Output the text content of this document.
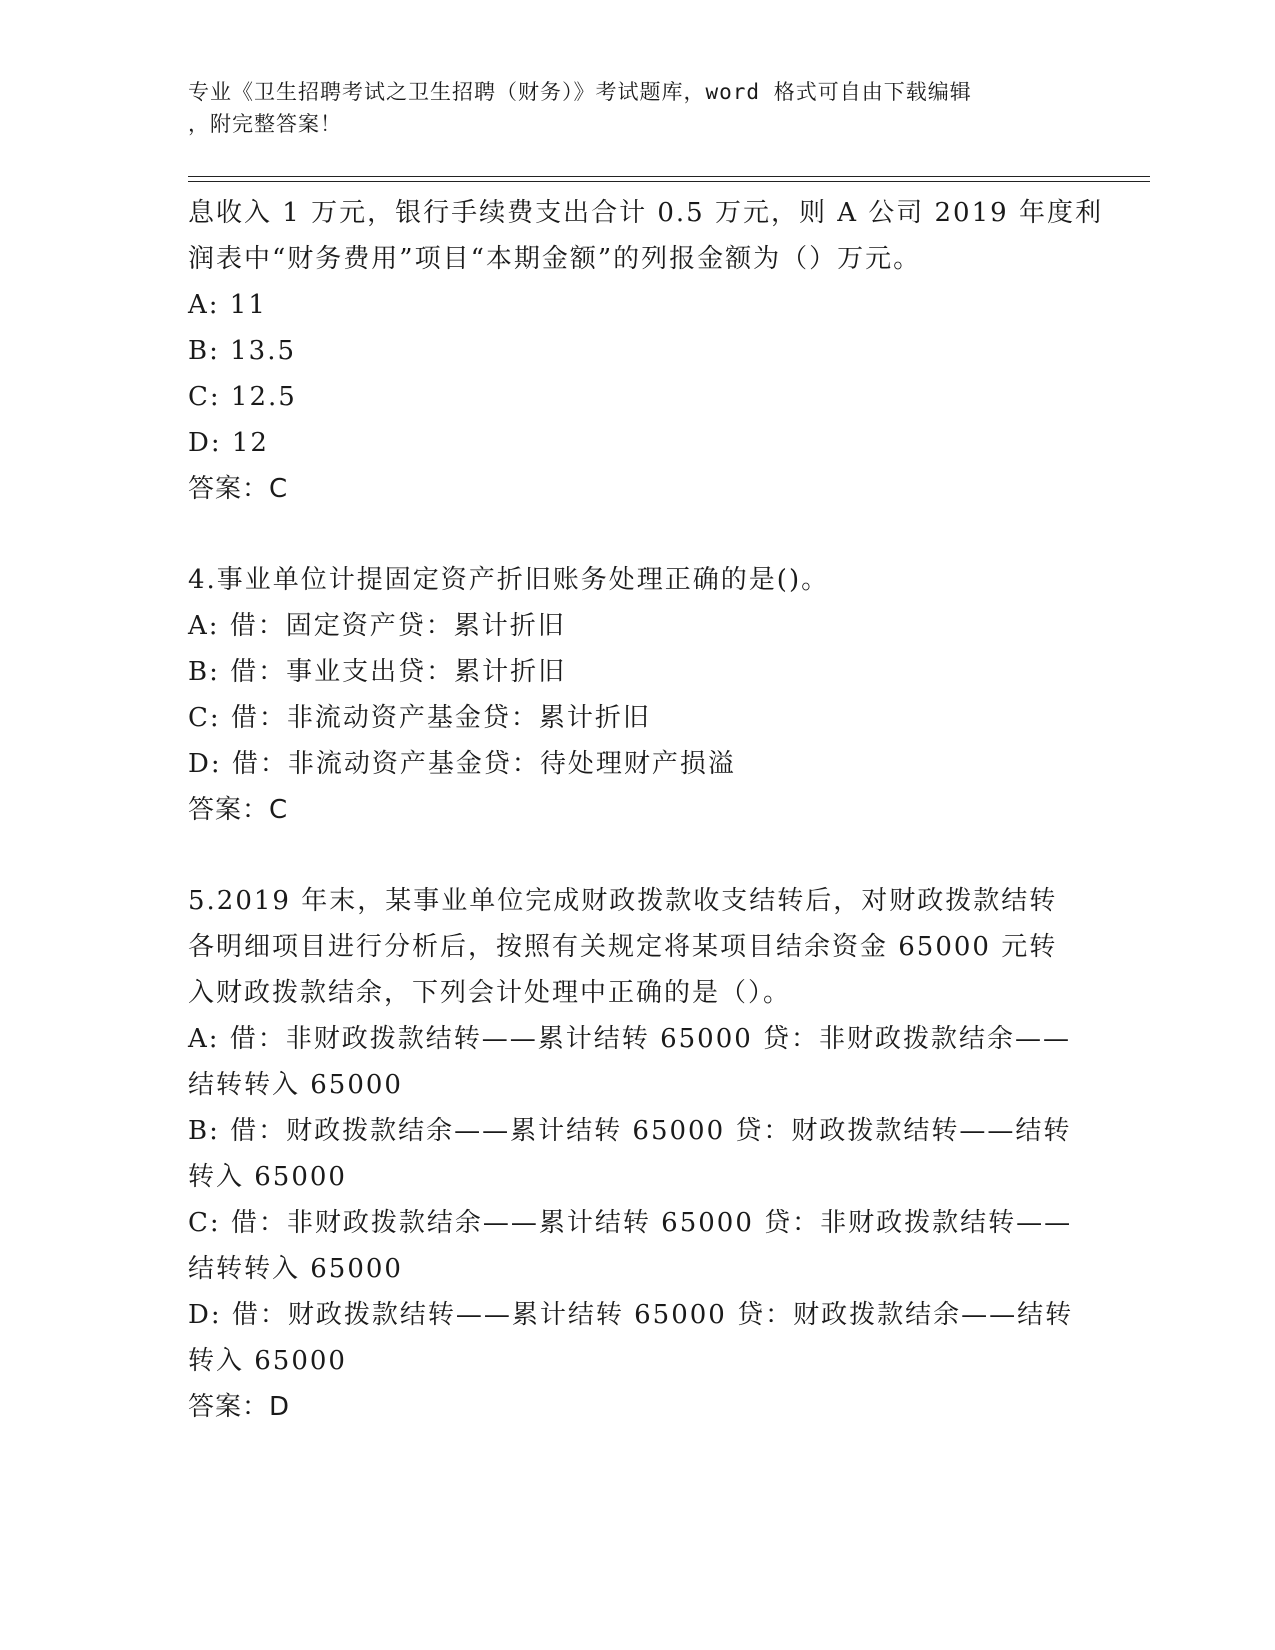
专业《卫生招聘考试之卫生招聘（财务）》考试题库，word 格式可自由下载编辑
，附完整答案！
息收入 1 万元，银行手续费支出合计 0.5 万元，则 A 公司 2019 年度利
润表中“财务费用”项目“本期金额”的列报金额为（）万元。
A: 11
B: 13.5
C: 12.5
D: 12
答案：C
4.事业单位计提固定资产折旧账务处理正确的是()。
A: 借：固定资产贷：累计折旧
B: 借：事业支出贷：累计折旧
C: 借：非流动资产基金贷：累计折旧
D: 借：非流动资产基金贷：待处理财产损溢
答案：C
5.2019 年末，某事业单位完成财政拨款收支结转后，对财政拨款结转
各明细项目进行分析后，按照有关规定将某项目结余资金 65000 元转
入财政拨款结余，下列会计处理中正确的是（）。
A: 借：非财政拨款结转——累计结转 65000 贷：非财政拨款结余——
结转转入 65000
B: 借：财政拨款结余——累计结转 65000 贷：财政拨款结转——结转
转入 65000
C: 借：非财政拨款结余——累计结转 65000 贷：非财政拨款结转——
结转转入 65000
D: 借：财政拨款结转——累计结转 65000 贷：财政拨款结余——结转
转入 65000
答案：D
